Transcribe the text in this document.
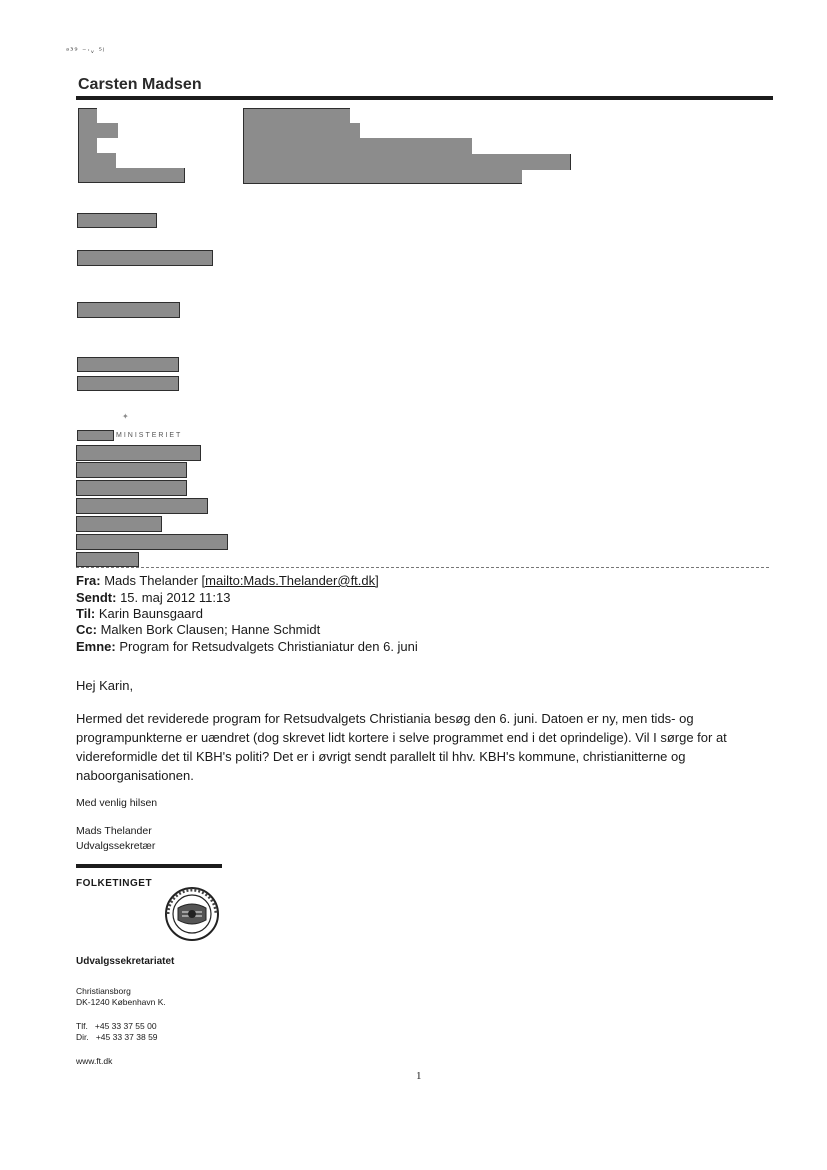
ᵃ³⁹ ⁻·ᵥ ⁵ʲ
Carsten Madsen
✦
MINISTERIET
Fra: Mads Thelander [mailto:Mads.Thelander@ft.dk]
Sendt: 15. maj 2012 11:13
Til: Karin Baunsgaard
Cc: Malken Bork Clausen; Hanne Schmidt
Emne: Program for Retsudvalgets Christianiatur den 6. juni
Hej Karin,
Hermed det reviderede program for Retsudvalgets Christiania besøg den 6. juni. Datoen er ny, men tids- og programpunkterne er uændret (dog skrevet lidt kortere i selve programmet end i det oprindelige). Vil I sørge for at videreformidle det til KBH's politi? Det er i øvrigt sendt parallelt til hhv. KBH's kommune, christianitterne og naboorganisationen.
Med venlig hilsen
Mads Thelander
Udvalgssekretær
FOLKETINGET
Udvalgssekretariatet
Christiansborg
DK-1240 København K.
Tlf.   +45 33 37 55 00
Dir.   +45 33 37 38 59
www.ft.dk
1
